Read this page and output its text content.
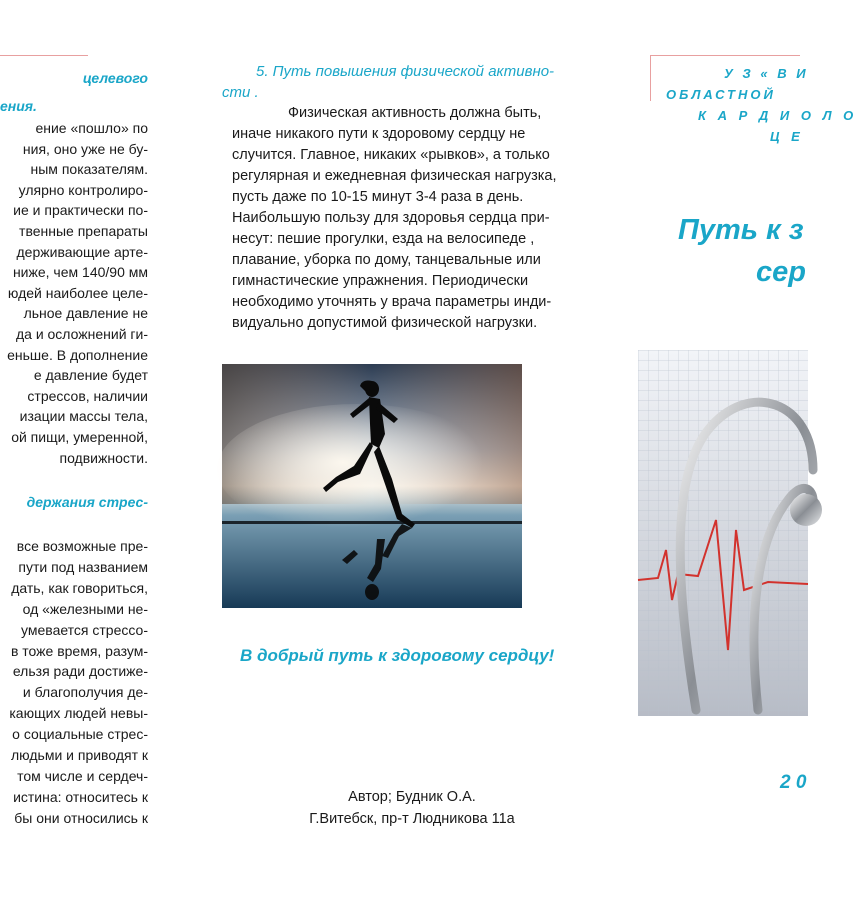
целевого
ения.
ение «пошло» по
ния, оно уже не бу-
ным показателям.
улярно контролиро-
ие и практически по-
твенные препараты
держивающие арте-
ниже, чем 140/90 мм
юдей наиболее целе-
льное давление не
да и осложнений ги-
еньше. В дополнение
е давление будет
стрессов, наличии
изации массы тела,
ой пищи, умеренной,
подвижности.
держания стрес-
все возможные пре-
пути под названием
дать, как говориться,
од «железными не-
умевается стрессо-
в тоже время, разум-
ельзя ради достиже-
и благополучия де-
кающих людей невы-
о социальные стрес-
людьми и приводят к
том числе и сердеч-
истина: относитесь к
бы они относились к
5. Путь повышения физической активно-
сти .
Физическая активность должна быть,
иначе никакого пути к здоровому сердцу не
случится. Главное, никаких «рывков», а только
регулярная и ежедневная физическая нагрузка,
пусть даже по 10-15 минут 3-4 раза в день.
Наибольшую пользу для здоровья сердца при-
несут: пешие прогулки, езда на велосипеде ,
плавание, уборка по дому, танцевальные или
гимнастические упражнения. Периодически
необходимо уточнять у врача параметры инди-
видуально допустимой физической нагрузки.
В добрый путь к здоровому сердцу!
Автор; Будник О.А.
Г.Витебск, пр-т Людникова 11а
У З « В И
ОБЛАСТНОЙ
К А Р Д И О Л О
Ц Е
Путь к з
сер
2 0
